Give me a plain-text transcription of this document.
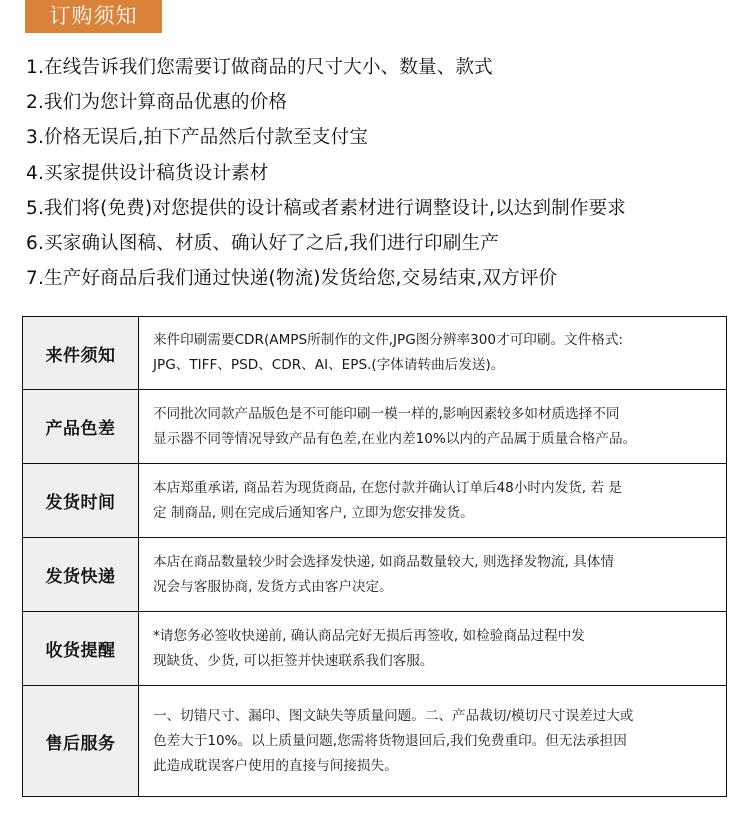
订购须知
1.在线告诉我们您需要订做商品的尺寸大小、数量、款式
2.我们为您计算商品优惠的价格
3.价格无误后,拍下产品然后付款至支付宝
4.买家提供设计稿货设计素材
5.我们将(免费)对您提供的设计稿或者素材进行调整设计,以达到制作要求
6.买家确认图稿、材质、确认好了之后,我们进行印刷生产
7.生产好商品后我们通过快递(物流)发货给您,交易结束,双方评价
来件须知	来件印刷需要CDR(AMPS所制作的文件,JPG图分辨率300才可印刷。文件格式:
JPG、TIFF、PSD、CDR、AI、EPS.(字体请转曲后发送)。

产品色差	不同批次同款产品版色是不可能印刷一模一样的,影响因素较多如材质选择不同
显示器不同等情况导致产品有色差,在业内差10%以内的产品属于质量合格产品。

发货时间	本店郑重承诺, 商品若为现货商品, 在您付款并确认订单后48小时内发货, 若 是
定 制商品, 则在完成后通知客户, 立即为您安排发货。

发货快递	本店在商品数量较少时会选择发快递, 如商品数量较大, 则选择发物流, 具体情
况会与客服协商, 发货方式由客户决定。

收货提醒	*请您务必签收快递前, 确认商品完好无损后再签收, 如检验商品过程中发
现缺货、少货, 可以拒签并快速联系我们客服。

售后服务	一、切错尺寸、漏印、图文缺失等质量问题。二、产品裁切/模切尺寸误差过大或
色差大于10%。以上质量问题,您需将货物退回后,我们免费重印。但无法承担因
此造成耽误客户使用的直接与间接损失。
